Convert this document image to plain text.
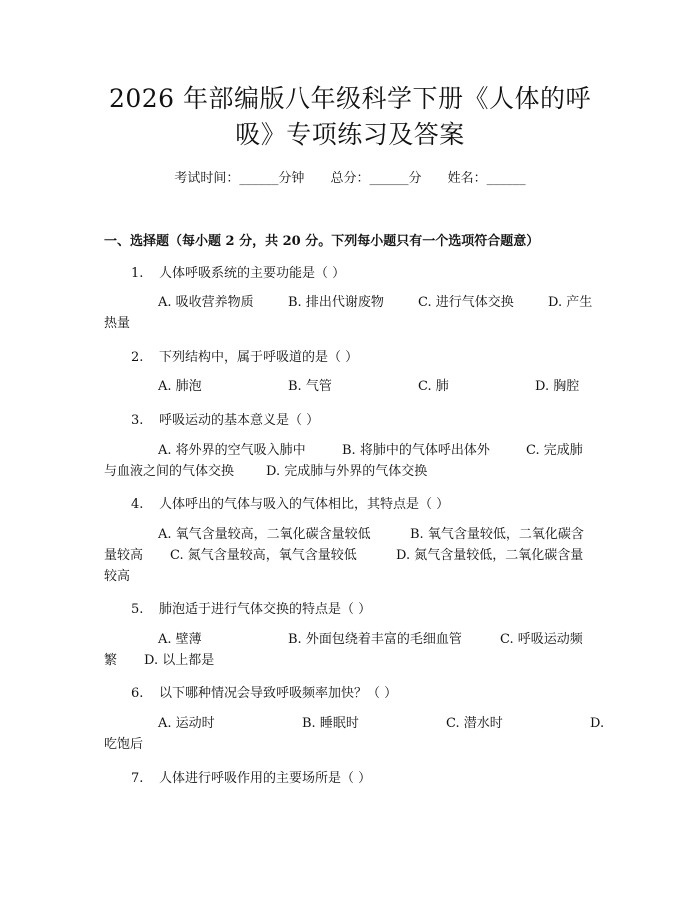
2026 年部编版八年级科学下册《人体的呼
吸》专项练习及答案
考试时间：______分钟 总分：______分 姓名：______
一、选择题（每小题 2 分，共 20 分。下列每小题只有一个选项符合题意）
1. 人体呼吸系统的主要功能是（ ）
A. 吸收营养物质	B. 排出代谢废物	C. 进行气体交换	D. 产生
热量
2. 下列结构中，属于呼吸道的是（ ）
A. 肺泡	B. 气管	C. 肺	D. 胸腔
3. 呼吸运动的基本意义是（ ）
A. 将外界的空气吸入肺中	B. 将肺中的气体呼出体外	C. 完成肺
与血液之间的气体交换 D. 完成肺与外界的气体交换
4. 人体呼出的气体与吸入的气体相比，其特点是（ ）
A. 氧气含量较高，二氧化碳含量较低	B. 氧气含量较低，二氧化碳含
量较高 C. 氮气含量较高，氧气含量较低	D. 氮气含量较低，二氧化碳含量
较高
5. 肺泡适于进行气体交换的特点是（ ）
A. 壁薄	B. 外面包绕着丰富的毛细血管	C. 呼吸运动频
繁 D. 以上都是
6. 以下哪种情况会导致呼吸频率加快？（ ）
A. 运动时	B. 睡眠时	C. 潜水时	D.
吃饱后
7. 人体进行呼吸作用的主要场所是（ ）
